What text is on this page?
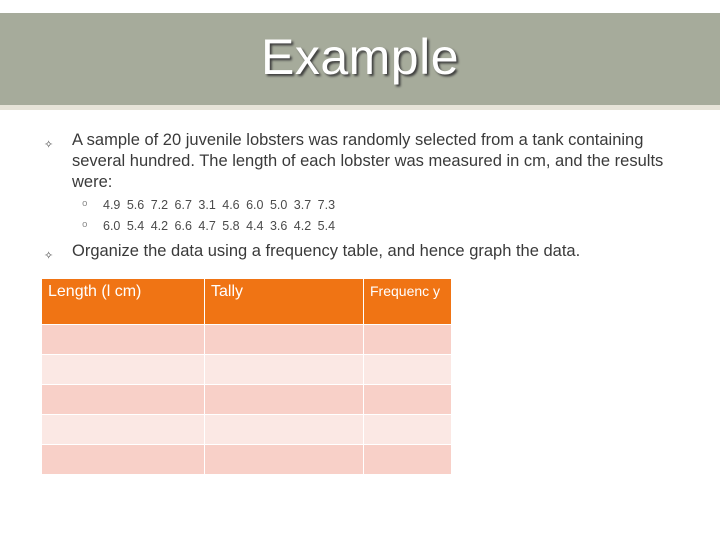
Example
✧ A sample of 20 juvenile lobsters was randomly selected from a tank containing several hundred. The length of each lobster was measured in cm, and the results were:
o 4.9 5.6 7.2 6.7 3.1 4.6 6.0 5.0 3.7 7.3
o 6.0 5.4 4.2 6.6 4.7 5.8 4.4 3.6 4.2 5.4
✧ Organize the data using a frequency table, and hence graph the data.
Length (l cm)	Tally	Frequenc y
